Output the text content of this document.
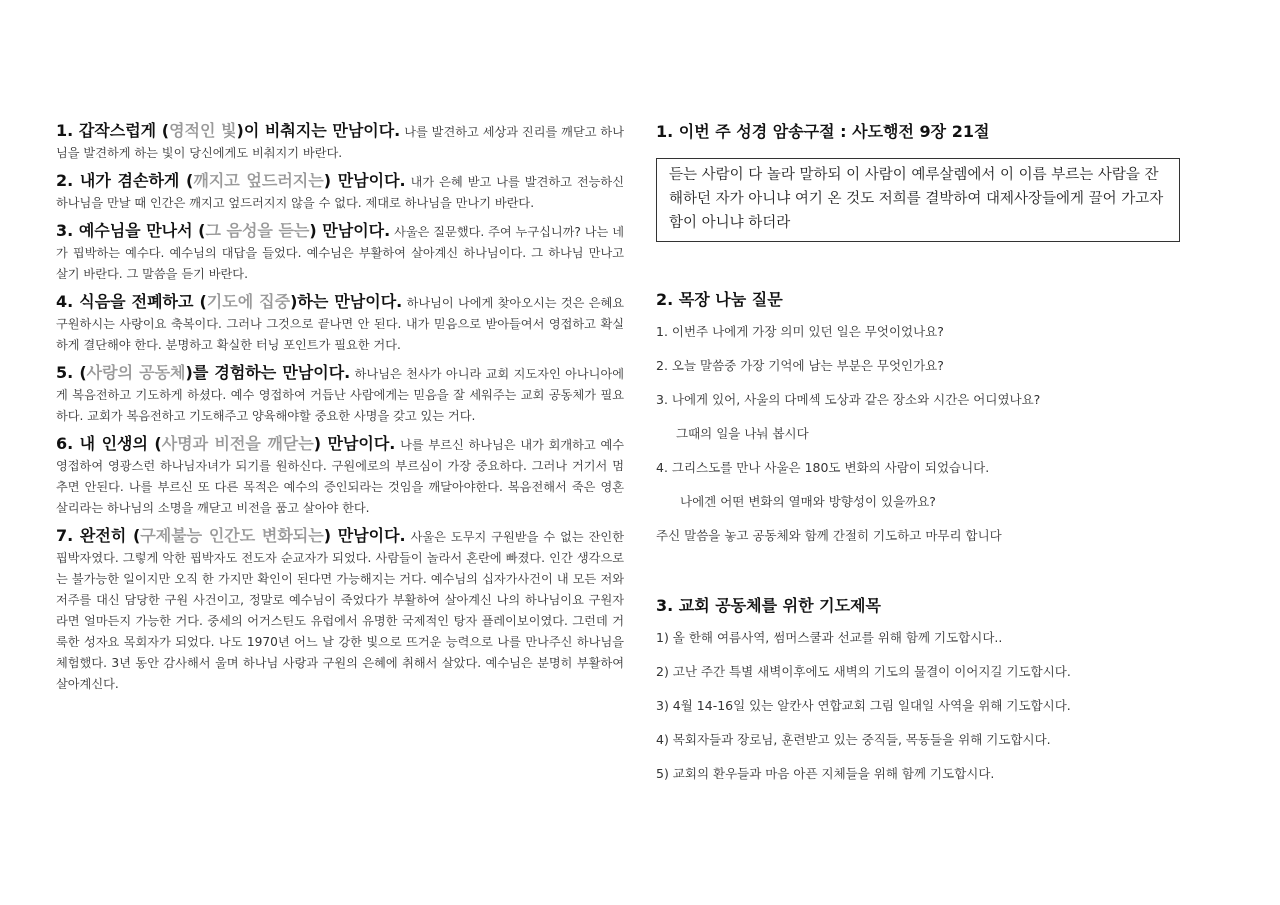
1. 갑작스럽게 (영적인 빛)이 비춰지는 만남이다. 나를 발견하고 세상과 진리를 깨닫고 하나님을 발견하게 하는 빛이 당신에게도 비춰지기 바란다.
2. 내가 겸손하게 (깨지고 엎드러지는) 만남이다. 내가 은혜 받고 나를 발견하고 전능하신 하나님을 만날 때 인간은 깨지고 엎드러지지 않을 수 없다. 제대로 하나님을 만나기 바란다.
3. 예수님을 만나서 (그 음성을 듣는) 만남이다. 사울은 질문했다. 주여 누구십니까? 나는 네가 핍박하는 예수다. 예수님의 대답을 들었다. 예수님은 부활하여 살아계신 하나님이다. 그 하나님 만나고 살기 바란다. 그 말씀을 듣기 바란다.
4. 식음을 전폐하고 (기도에 집중)하는 만남이다. 하나님이 나에게 찾아오시는 것은 은혜요 구원하시는 사랑이요 축복이다. 그러나 그것으로 끝나면 안 된다. 내가 믿음으로 받아들여서 영접하고 확실하게 결단해야 한다. 분명하고 확실한 터닝 포인트가 필요한 거다.
5. (사랑의 공동체)를 경험하는 만남이다. 하나님은 천사가 아니라 교회 지도자인 아나니아에게 복음전하고 기도하게 하셨다. 예수 영접하여 거듭난 사람에게는 믿음을 잘 세워주는 교회 공동체가 필요하다. 교회가 복음전하고 기도해주고 양육해야할 중요한 사명을 갖고 있는 거다.
6. 내 인생의 (사명과 비전을 깨닫는) 만남이다. 나를 부르신 하나님은 내가 회개하고 예수 영접하여 영광스런 하나님자녀가 되기를 원하신다. 구원에로의 부르심이 가장 중요하다. 그러나 거기서 멈추면 안된다. 나를 부르신 또 다른 목적은 예수의 증인되라는 것임을 깨달아야한다. 복음전해서 죽은 영혼 살리라는 하나님의 소명을 깨닫고 비전을 품고 살아야 한다.
7. 완전히 (구제불능 인간도 변화되는) 만남이다. 사울은 도무지 구원받을 수 없는 잔인한 핍박자였다. 그렇게 악한 핍박자도 전도자 순교자가 되었다. 사람들이 놀라서 혼란에 빠졌다. 인간 생각으로는 불가능한 일이지만 오직 한 가지만 확인이 된다면 가능해지는 거다. 예수님의 십자가사건이 내 모든 저와 저주를 대신 담당한 구원 사건이고, 정말로 예수님이 죽었다가 부활하여 살아계신 나의 하나님이요 구원자라면 얼마든지 가능한 거다. 중세의 어거스틴도 유럽에서 유명한 국제적인 탕자 플레이보이였다. 그런데 거룩한 성자요 목회자가 되었다. 나도 1970년 어느 날 강한 빛으로 뜨거운 능력으로 나를 만나주신 하나님을 체험했다. 3년 동안 감사해서 울며 하나님 사랑과 구원의 은혜에 취해서 살았다. 예수님은 분명히 부활하여 살아계신다.
1. 이번 주 성경 암송구절 : 사도행전 9장 21절
듣는 사람이 다 놀라 말하되 이 사람이 예루살렘에서 이 이름 부르는 사람을 잔해하던 자가 아니냐 여기 온 것도 저희를 결박하여 대제사장들에게 끌어 가고자 함이 아니냐 하더라
2. 목장 나눔 질문
1. 이번주 나에게 가장 의미 있던 일은 무엇이었나요?
2. 오늘 말씀중 가장 기억에 남는 부분은 무엇인가요?
3. 나에게 있어, 사울의 다메섹 도상과 같은 장소와 시간은 어디였나요?
그때의 일을 나눠 봅시다
4. 그리스도를 만나 사울은 180도 변화의 사람이 되었습니다.
나에겐 어떤 변화의 열매와 방향성이 있을까요?
주신 말씀을 놓고 공동체와 함께 간절히 기도하고 마무리 합니다
3. 교회 공동체를 위한 기도제목
1) 올 한해 여름사역, 썸머스쿨과 선교를 위해 함께 기도합시다..
2) 고난 주간 특별 새벽이후에도 새벽의 기도의 물결이 이어지길 기도합시다.
3) 4월 14-16일 있는 알칸사 연합교회 그림 일대일 사역을 위해 기도합시다.
4) 목회자들과 장로님, 훈련받고 있는 중직들, 목동들을 위해 기도합시다.
5) 교회의 환우들과 마음 아픈 지체들을 위해 함께 기도합시다.
